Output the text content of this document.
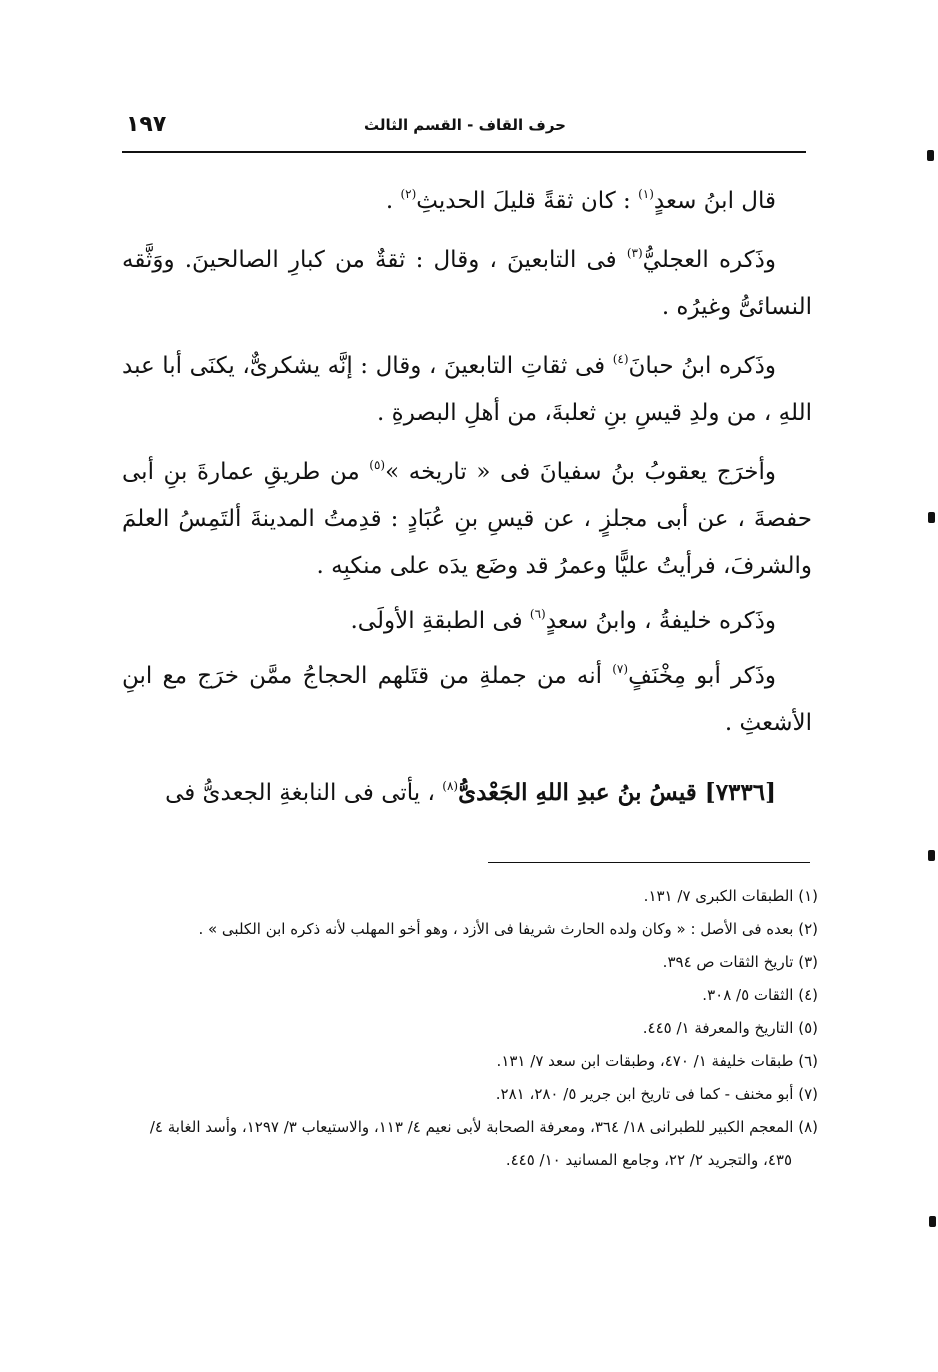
حرف القاف - القسم الثالث
١٩٧

قال ابنُ سعدٍ$^{(١)}$ : كان ثقةً قليلَ الحديثِ$^{(٢)}$ .

وذَكره العجليُّ$^{(٣)}$ فى التابعينَ ، وقال : ثقةٌ من كبارِ الصالحينَ. ووَثَّقه النسائىُّ وغيرُه .

وذَكره ابنُ حبانَ$^{(٤)}$ فى ثقاتِ التابعينَ ، وقال : إنَّه يشكرىٌّ، يكنَى أبا عبد اللهِ ، من ولدِ قيسِ بنِ ثعلبةَ، من أهلِ البصرةِ .

وأخرَج يعقوبُ بنُ سفيانَ فى « تاريخه »$^{(٥)}$ من طريقِ عمارةَ بنِ أبى حفصةَ ، عن أبى مجلزٍ ، عن قيسِ بنِ عُبَادٍ : قدِمتُ المدينةَ ألتَمِسُ العلمَ والشرفَ، فرأيتُ عليًّا وعمرُ قد وضَع يدَه على منكبِه .

وذَكره خليفةُ ، وابنُ سعدٍ$^{(٦)}$ فى الطبقةِ الأولَى.

وذَكر أبو مِخْنَفٍ$^{(٧)}$ أنه من جملةِ من قتَلهم الحجاجُ ممَّن خرَج مع ابنِ الأشعثِ .

[٧٣٣٦] قيسُ بنُ عبدِ اللهِ الجَعْدىُّ$^{(٨)}$ ، يأتى فى النابغةِ الجعدىُّ فى

(١) الطبقات الكبرى ٧/ ١٣١.

(٢) بعده فى الأصل : « وكان ولده الحارث شريفا فى الأزد ، وهو أخو المهلب لأنه ذكره ابن الكلبى » .

(٣) تاريخ الثقات ص ٣٩٤.

(٤) الثقات ٥/ ٣٠٨.

(٥) التاريخ والمعرفة ١/ ٤٤٥.

(٦) طبقات خليفة ١/ ٤٧٠، وطبقات ابن سعد ٧/ ١٣١.

(٧) أبو مخنف - كما فى تاريخ ابن جرير ٥/ ٢٨٠، ٢٨١.

(٨) المعجم الكبير للطبرانى ١٨/ ٣٦٤، ومعرفة الصحابة لأبى نعيم ٤/ ١١٣، والاستيعاب ٣/ ١٢٩٧، وأسد الغابة ٤/ ٤٣٥، والتجريد ٢/ ٢٢، وجامع المسانيد ١٠/ ٤٤٥.
